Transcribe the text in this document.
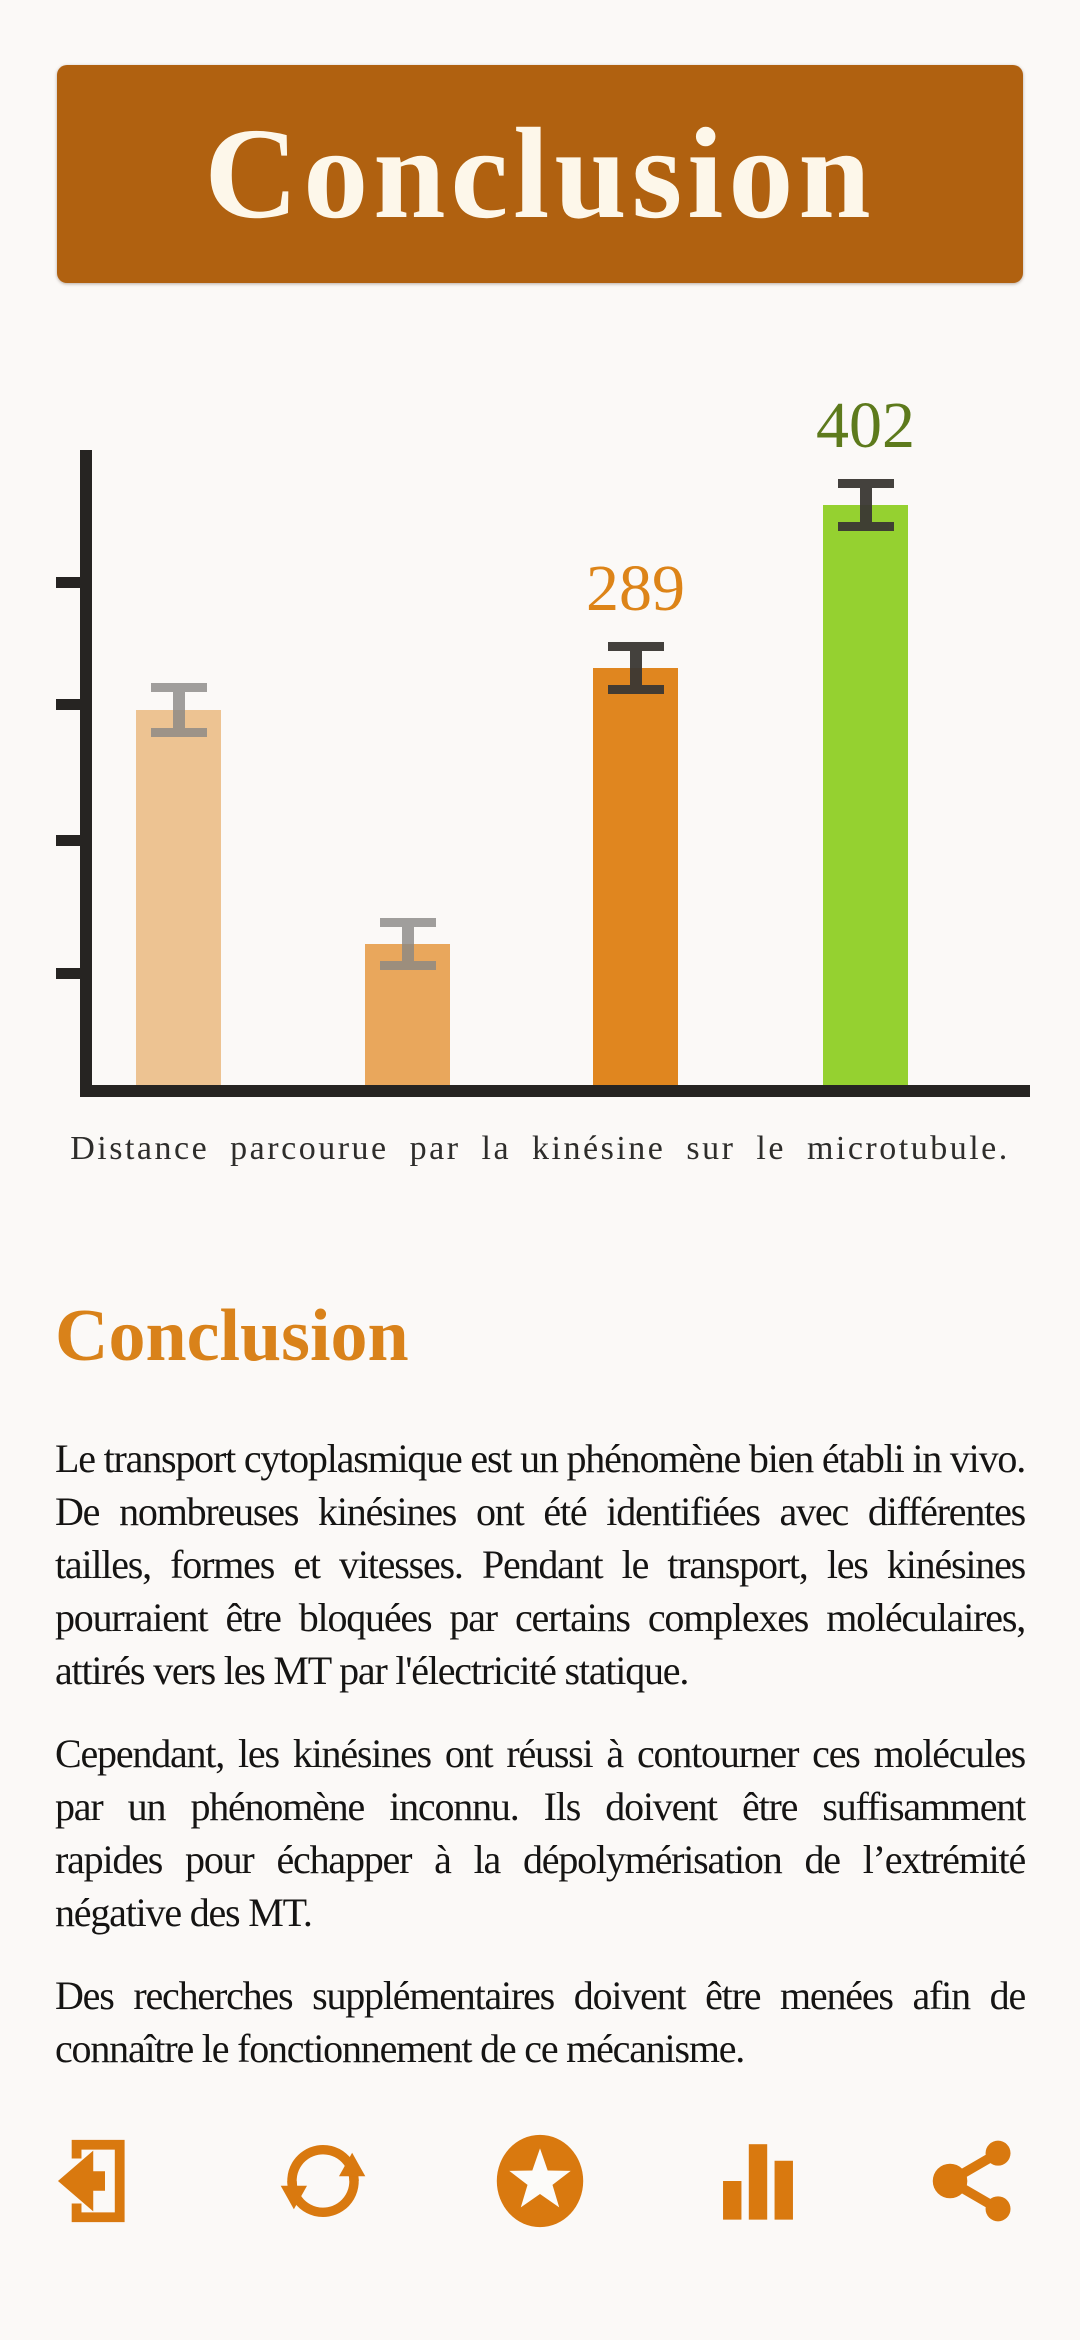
Conclusion
Distance parcourue par la kinésine sur le microtubule.
289
402
Conclusion

Le transport cytoplasmique est un phénomène bien établi in vivo. De nombreuses kinésines ont été identifiées avec différentes tailles, formes et vitesses. Pendant le transport, les kinésines pourraient être bloquées par certains complexes moléculaires, attirés vers les MT par l'électricité statique.

Cependant, les kinésines ont réussi à contourner ces molécules par un phénomène inconnu. Ils doivent être suffisamment rapides pour échapper à la dépolymérisation de l’extrémité négative des MT.

Des recherches supplémentaires doivent être menées afin de connaître le fonctionnement de ce mécanisme.
